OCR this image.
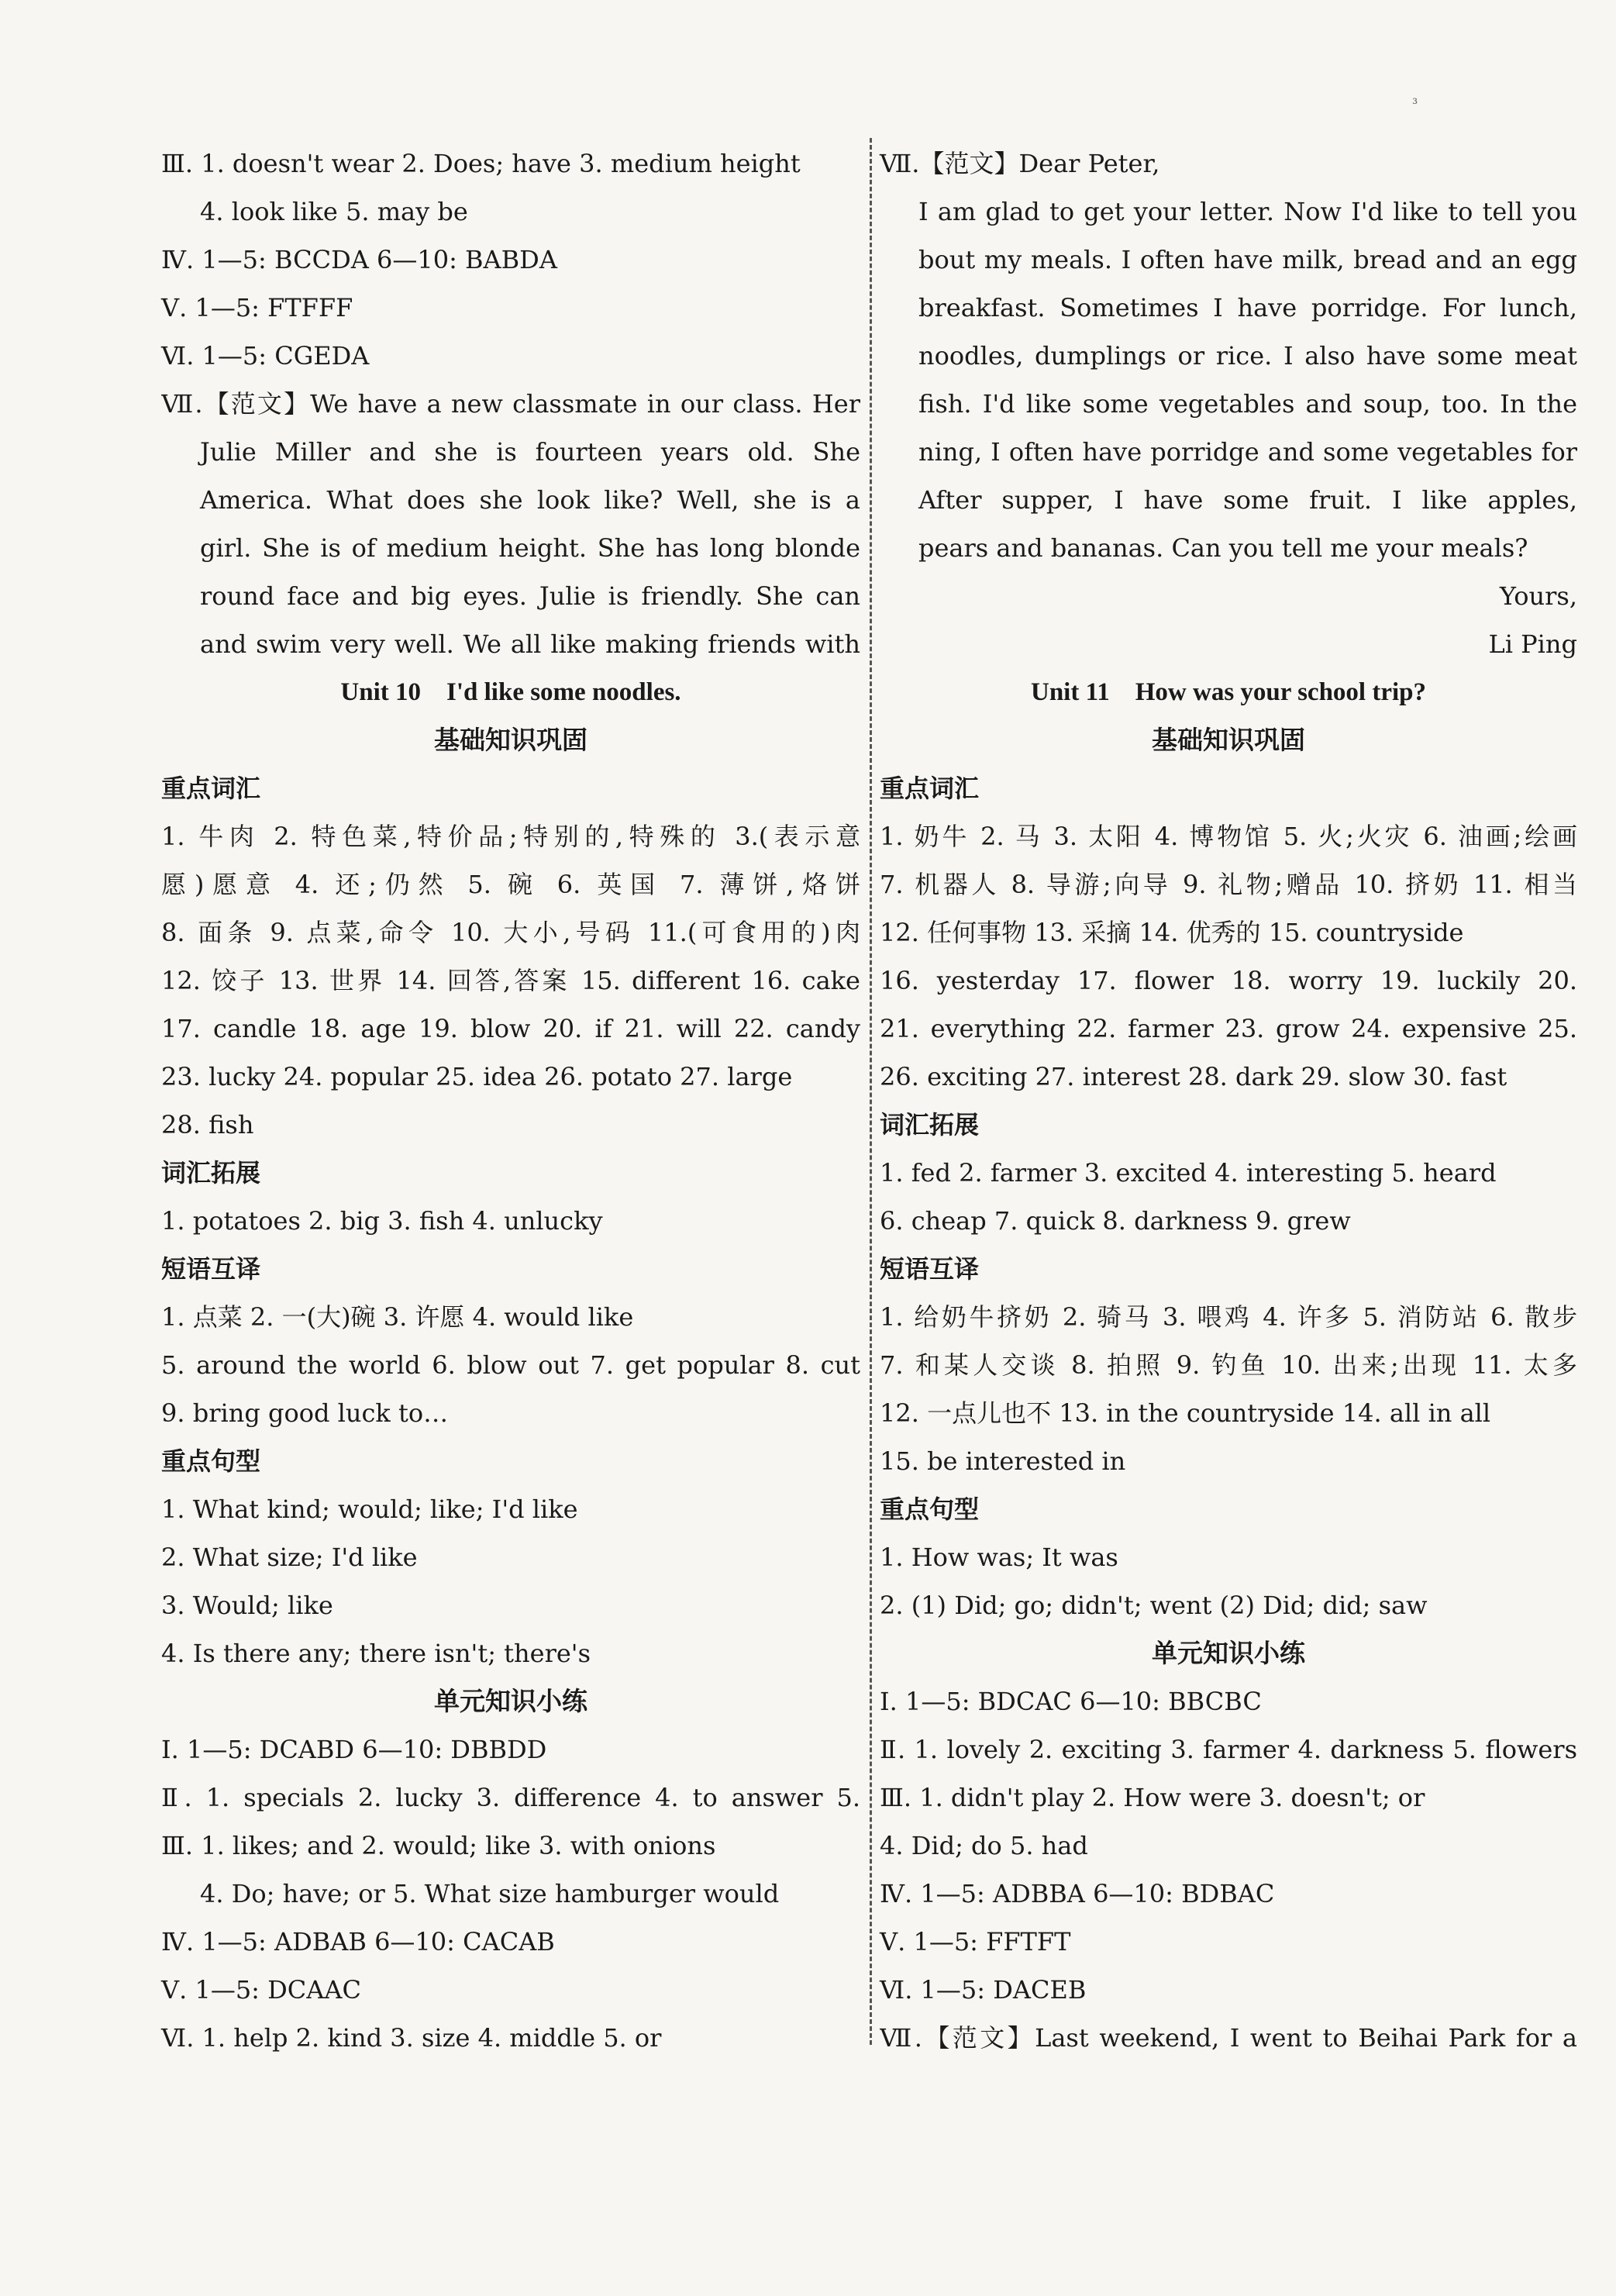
₃
Ⅲ. 1. doesn't wear 2. Does; have 3. medium height
4. look like 5. may be
Ⅳ. 1—5: BCCDA 6—10: BABDA
Ⅴ. 1—5: FTFFF
Ⅵ. 1—5: CGEDA
Ⅶ.【范文】We have a new classmate in our class. Her
Julie Miller and she is fourteen years old. She
America. What does she look like? Well, she is a
girl. She is of medium height. She has long blonde
round face and big eyes. Julie is friendly. She can
and swim very well. We all like making friends with
Unit 10    I'd like some noodles.
基础知识巩固
重点词汇
1. 牛肉 2. 特色菜,特价品;特别的,特殊的 3.(表示意
愿)愿意 4. 还;仍然 5. 碗 6. 英国 7. 薄饼,烙饼
8. 面条 9. 点菜,命令 10. 大小,号码 11.(可食用的)肉
12. 饺子 13. 世界 14. 回答,答案 15. different 16. cake
17. candle 18. age 19. blow 20. if 21. will 22. candy
23. lucky 24. popular 25. idea 26. potato 27. large
28. fish
词汇拓展
1. potatoes 2. big 3. fish 4. unlucky
短语互译
1. 点菜 2. 一(大)碗 3. 许愿 4. would like
5. around the world 6. blow out 7. get popular 8. cut
9. bring good luck to…
重点句型
1. What kind; would; like; I'd like
2. What size; I'd like
3. Would; like
4. Is there any; there isn't; there's
单元知识小练
Ⅰ. 1—5: DCABD 6—10: DBBDD
Ⅱ. 1. specials 2. lucky 3. difference 4. to answer 5.
Ⅲ. 1. likes; and 2. would; like 3. with onions
4. Do; have; or 5. What size hamburger would
Ⅳ. 1—5: ADBAB 6—10: CACAB
Ⅴ. 1—5: DCAAC
Ⅵ. 1. help 2. kind 3. size 4. middle 5. or
Ⅶ.【范文】Dear Peter,
I am glad to get your letter. Now I'd like to tell you
bout my meals. I often have milk, bread and an egg
breakfast. Sometimes I have porridge. For lunch,
noodles, dumplings or rice. I also have some meat
fish. I'd like some vegetables and soup, too. In the
ning, I often have porridge and some vegetables for
After supper, I have some fruit. I like apples,
pears and bananas. Can you tell me your meals?
Yours,
Li Ping
Unit 11    How was your school trip?
基础知识巩固
重点词汇
1. 奶牛 2. 马 3. 太阳 4. 博物馆 5. 火;火灾 6. 油画;绘画
7. 机器人 8. 导游;向导 9. 礼物;赠品 10. 挤奶 11. 相当
12. 任何事物 13. 采摘 14. 优秀的 15. countryside
16. yesterday 17. flower 18. worry 19. luckily 20.
21. everything 22. farmer 23. grow 24. expensive 25.
26. exciting 27. interest 28. dark 29. slow 30. fast
词汇拓展
1. fed 2. farmer 3. excited 4. interesting 5. heard
6. cheap 7. quick 8. darkness 9. grew
短语互译
1. 给奶牛挤奶 2. 骑马 3. 喂鸡 4. 许多 5. 消防站 6. 散步
7. 和某人交谈 8. 拍照 9. 钓鱼 10. 出来;出现 11. 太多
12. 一点儿也不 13. in the countryside 14. all in all
15. be interested in
重点句型
1. How was; It was
2. (1) Did; go; didn't; went (2) Did; did; saw
单元知识小练
Ⅰ. 1—5: BDCAC 6—10: BBCBC
Ⅱ. 1. lovely 2. exciting 3. farmer 4. darkness 5. flowers
Ⅲ. 1. didn't play 2. How were 3. doesn't; or
4. Did; do 5. had
Ⅳ. 1—5: ADBBA 6—10: BDBAC
Ⅴ. 1—5: FFTFT
Ⅵ. 1—5: DACEB
Ⅶ.【范文】Last weekend, I went to Beihai Park for a
